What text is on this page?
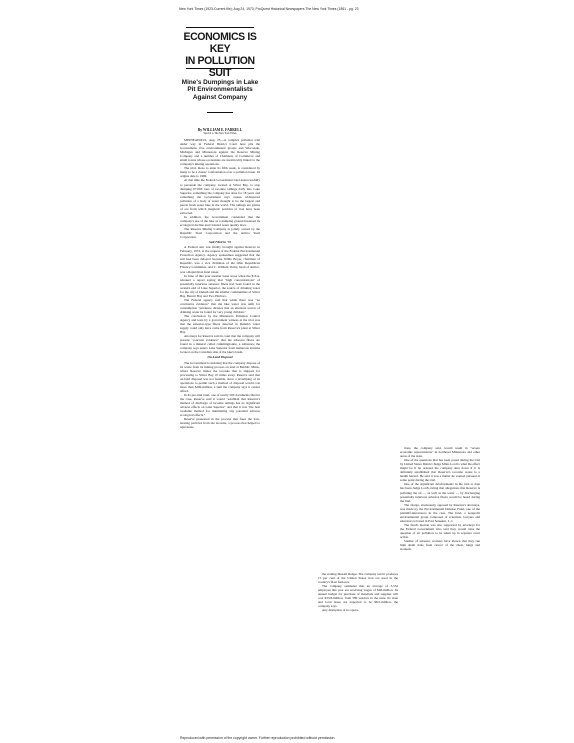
New York Times (1923-Current file); Aug 24, 1973; ProQuest Historical Newspapers The New York Times (1851 - pg. 23
ECONOMICS IS KEY
IN POLLUTION SUIT
Mine's Dumpings in Lake
Pit Environmentalists
Against Company
By WILLIAM E. FARRELL
Special to The New York Times

MINNEAPOLIS, Aug. 23—A complex pollution trial under way in Federal District Court here pits the Government, five environmental groups and Wisconsin, Michigan and Minnesota against the Reserve Mining Company and a number of Chambers of Commerce and small towns whose economies are inextricably linked to the company's mining operations.

The trial, those to enter its fifth week, is considered by many to be a classic confrontation over a pollution issue. Its origins date to 1969.

At that time the Federal Government tried unsuccessfully to persuade the company, located at Silver Bay, to stop dumping 67,000 tons of taconite tailings daily into Lake Superior, something the company has done for 18 years and something the Government says causes widespread pollution of a body of water thought to be the largest and purest fresh water lake in the world. The tailings are grains of ore from which magnetic particles of iron have been extracted.

In addition, the Government contended that the company's use of the lake as a dumping ground hastened its ecological decline and violated water quality laws.

The Reserve Mining Company is jointly owned by the Republic Steel Corporation and the Armco Steel Corporation.

Suit Filed in '72

A Federal suit was finally brought against Reserve in February, 1972, at the request of the Federal Environmental Protection Agency. Agency spokesmen suggested that the suit had been delayed because Willis Boyer, chairman of Republic, was a vice chairman of the Ohio Republican Finance Committee, and C. William Verity, head of Armco, was a Republican fund raiser.

In June of this year another issue arose when the E.P.A. released a report saying that "high concentrations" of potentially injurious asbestos fibers had been found in the western end of Lake Superior, the source of drinking water for the city of Duluth and the smaller communities of Silver Bay, Beaver Bay and Two Harbors.

The Federal agency said that while there was "no conclusive evidence" that the lake water was unfit for consumption "prudence dictates that an alternate source of drinking water be found for very young children."

The conclusion by the Minnesota Pollution Control Agency and tests by a government witness at the trial was that the asbestos-type fibers detected in Duluth's water supply could only have come from Reserve's plant at Silver Bay.

Attorneys for Reserve said in court that the company will present "concrete evidence" that the asbestos fibers are found in a mineral called cummingtonite, a substance the company says enters Lake Superior from numerous streams located on the Canadian side of the lake's basin.

On-Land Disposal

The Government is insisting that the company dispose of its waste from its mining process on land at Babbitt, Minn., where Reserve mines the taconite that is shipped for processing to Silver Bay 47 miles away. Reserve said that on-land disposal was not feasible, since a revamping of its operations to permit such a method of disposal would cost more than $200-million, a sum the company says it cannot afford.

In its pre-trial brief, one of nearly 500 documents filed in the case, Reserve said it would "establish that Reserve's method of discharge of taconite tailings has no significant adverse effects on Lake Superior" and that it was "the best available method for minimizing any potential adverse ecological effects."

Reserve pioneered in the process that frees the iron-bearing particles from the taconite, a process that helped to rejuvenate

the waning Mesabi Range. The company said it produces 15 per cent of the United States iron ore used in the country's blast furnaces.

The company estimates that an average of 3,532 employes this year are receiving wages of $48-million. Its annual budget for purchase of materials and supplies will cost $33.8-million, from 580 vendors in the state. Its state and local taxes are expected to be $8.5-million, the company says.

Any disruption of its opera-

tions, the company said, would result in "severe economic repercussions" in northeast Minnesota and other areas of the state.

One of the questions that has been posed during the trial by United States District Judge Miles Lord is what the effect might be if he ordered the company shut down if it is definitely established that Reserve's taconite waste is a health hazard. He said it was a matter he wanted pursued at some point during the trial.

One of the significant developments in the trial to date has been Judge Lord's ruling that allegations that Reserve is polluting the air — as well as the water — by discharging potentially injurious asbestos fibers would be heard during the trial.

The charge, strenuously opposed by Reserve's attorneys, was made by the Environmental Defense Fund, one of the plaintiff-intervenors in the case. The fund, a nonprofit environmental group composed of scientists, lawyers and educators is based in East Setauket, L. I.

The fund's motion was also supported by attorneys for the Federal Government who said they would raise the question of air pollution to be taken up in separate court action.

Studies of asbestos workers have shown that they run high death risks from cancer of the chest, lungs and stomach.

Reproduced with permission of the copyright owner. Further reproduction prohibited without permission.
